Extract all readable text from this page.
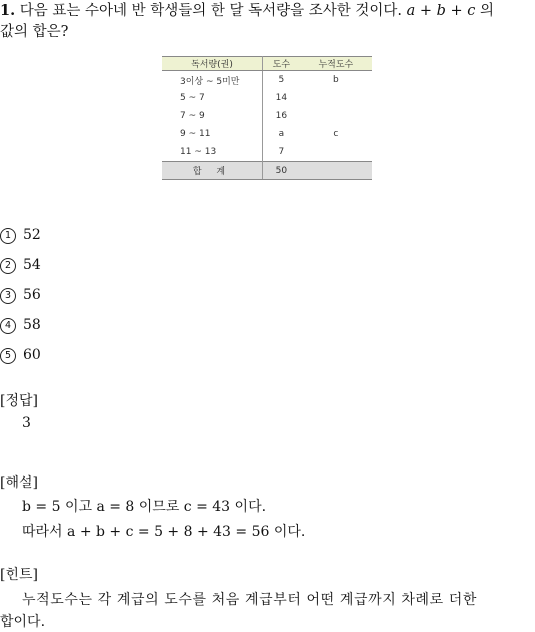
1. 다음 표는 수아네 반 학생들의 한 달 독서량을 조사한 것이다. a + b + c 의
값의 합은?
독서량(권)	도수	누적도수
3이상 ~ 5미만	5	b
5 ~ 7	14	
7 ~ 9	16	
9 ~ 11	a	c
11 ~ 13	7	
합 계	50	
1 52
2 54
3 56
4 58
5 60
[정답]
3
[해설]
b = 5 이고 a = 8 이므로 c = 43 이다.
따라서 a + b + c = 5 + 8 + 43 = 56 이다.
[힌트]
누적도수는 각 계급의 도수를 처음 계급부터 어떤 계급까지 차례로 더한
합이다.
